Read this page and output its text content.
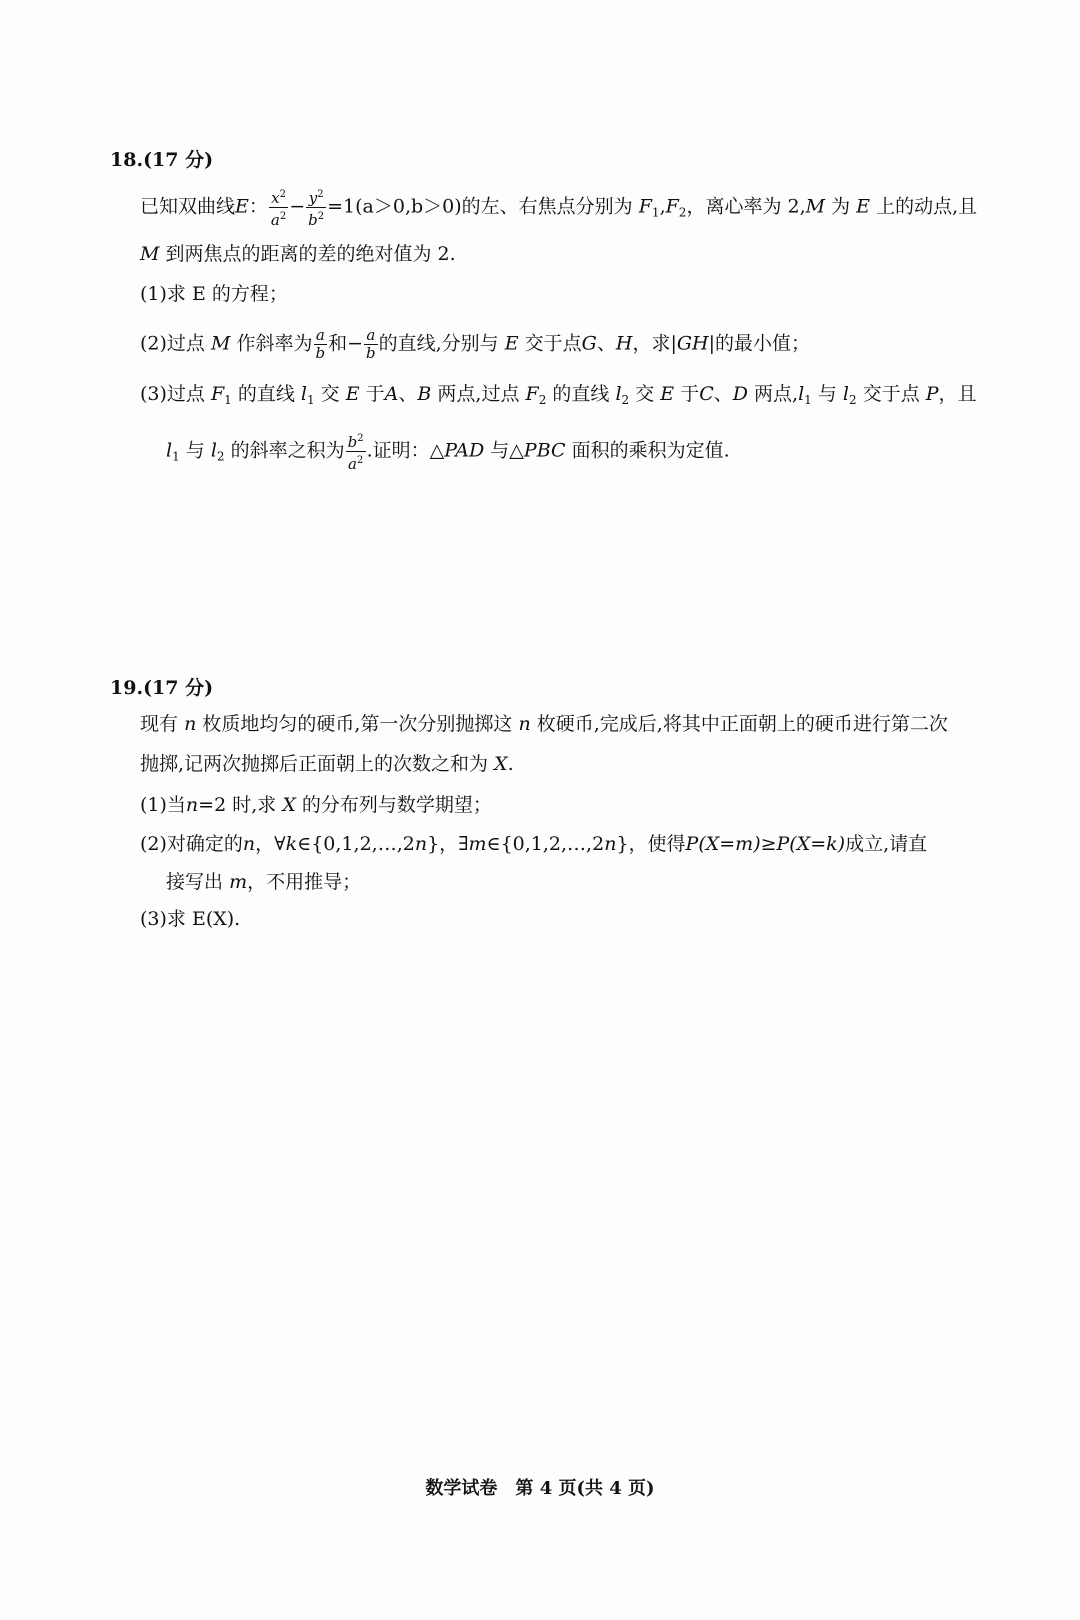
18.(17 分)
已知双曲线E： $\frac{x^2}{a^2} - \frac{y^2}{b^2} =1(a>0,b>0)$的左、右焦点分别为 $F_1,F_2$，离心率为 2,M 为 E 上的动点,且
M 到两焦点的距离的差的绝对值为 2.
(1)求 E 的方程；
(2)过点 M 作斜率为 $\frac{a}{b}$ 和− $\frac{a}{b}$ 的直线,分别与 E 交于点G、H，求|GH|的最小值；
(3)过点 $F_1$ 的直线 $l_1$ 交 E 于A、B 两点,过点 $F_2$ 的直线 $l_2$ 交 E 于C、D 两点$,l_1$ 与 $l_2$ 交于点 P，且
$l_1$ 与 $l_2$ 的斜率之积为 $\frac{b^2}{a^2}$ .证明：△PAD 与△PBC 面积的乘积为定值.
19.(17 分)
现有 n 枚质地均匀的硬币,第一次分别抛掷这 n 枚硬币,完成后,将其中正面朝上的硬币进行第二次
抛掷,记两次抛掷后正面朝上的次数之和为 X.
(1)当n=2 时,求 X 的分布列与数学期望；
(2)对确定的n，∀k∈{0,1,2,…,2n}，∃m∈{0,1,2,…,2n}，使得P(X=m)≥P(X=k)成立,请直
接写出 m，不用推导；
(3)求 E(X).
数学试卷　第 4 页(共 4 页)
